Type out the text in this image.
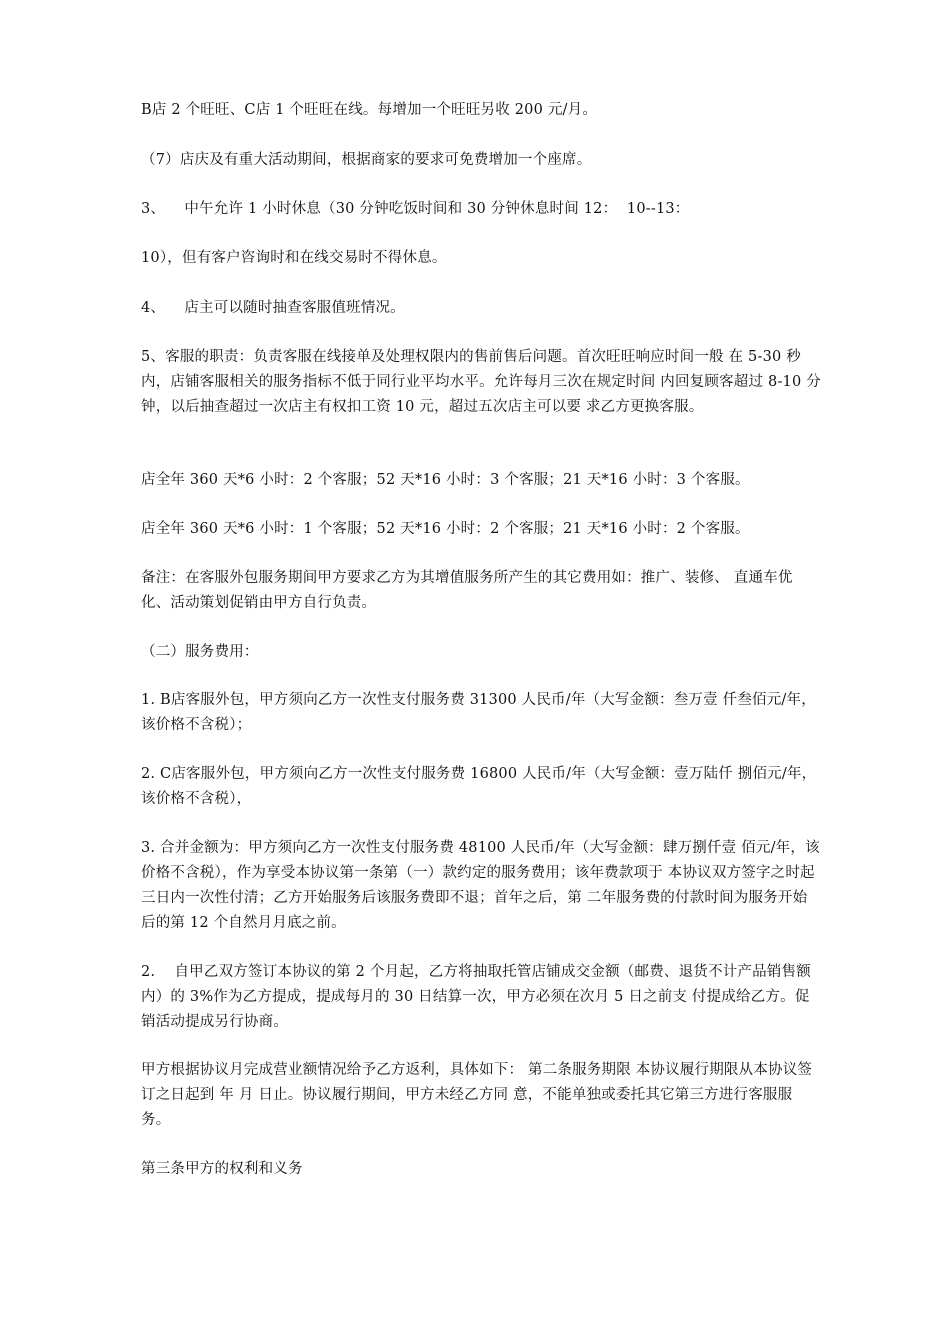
B店 2 个旺旺、C店 1 个旺旺在线。每增加一个旺旺另收 200 元/月。

（7）店庆及有重大活动期间，根据商家的要求可免费增加一个座席。

3、    中午允许 1 小时休息（30 分钟吃饭时间和 30 分钟休息时间 12：  10--13：

10），但有客户咨询时和在线交易时不得休息。

4、    店主可以随时抽查客服值班情况。

5、客服的职责：负责客服在线接单及处理权限内的售前售后问题。首次旺旺响应时间一般 在 5-30 秒内，店铺客服相关的服务指标不低于同行业平均水平。允许每月三次在规定时间 内回复顾客超过 8-10 分钟，以后抽查超过一次店主有权扣工资 10 元，超过五次店主可以要 求乙方更换客服。

店全年 360 天*6 小时：2 个客服；52 天*16 小时：3 个客服；21 天*16 小时：3 个客服。

店全年 360 天*6 小时：1 个客服；52 天*16 小时：2 个客服；21 天*16 小时：2 个客服。

备注：在客服外包服务期间甲方要求乙方为其增值服务所产生的其它费用如：推广、装修、 直通车优化、活动策划促销由甲方自行负责。

（二）服务费用：

1. B店客服外包，甲方须向乙方一次性支付服务费 31300 人民币/年（大写金额：叁万壹 仟叁佰元/年，该价格不含税）；

2. C店客服外包，甲方须向乙方一次性支付服务费 16800 人民币/年（大写金额：壹万陆仟 捌佰元/年，该价格不含税），

3. 合并金额为：甲方须向乙方一次性支付服务费 48100 人民币/年（大写金额：肆万捌仟壹 佰元/年，该价格不含税），作为享受本协议第一条第（一）款约定的服务费用；该年费款项于 本协议双方签字之时起三日内一次性付清；乙方开始服务后该服务费即不退；首年之后，第 二年服务费的付款时间为服务开始后的第 12 个自然月月底之前。

2.    自甲乙双方签订本协议的第 2 个月起，乙方将抽取托管店铺成交金额（邮费、退货不计产品销售额内）的 3%作为乙方提成，提成每月的 30 日结算一次，甲方必须在次月 5 日之前支 付提成给乙方。促销活动提成另行协商。

甲方根据协议月完成营业额情况给予乙方返利，具体如下： 第二条服务期限 本协议履行期限从本协议签订之日起到 年 月 日止。协议履行期间，甲方未经乙方同 意，不能单独或委托其它第三方进行客服服务。

第三条甲方的权利和义务
